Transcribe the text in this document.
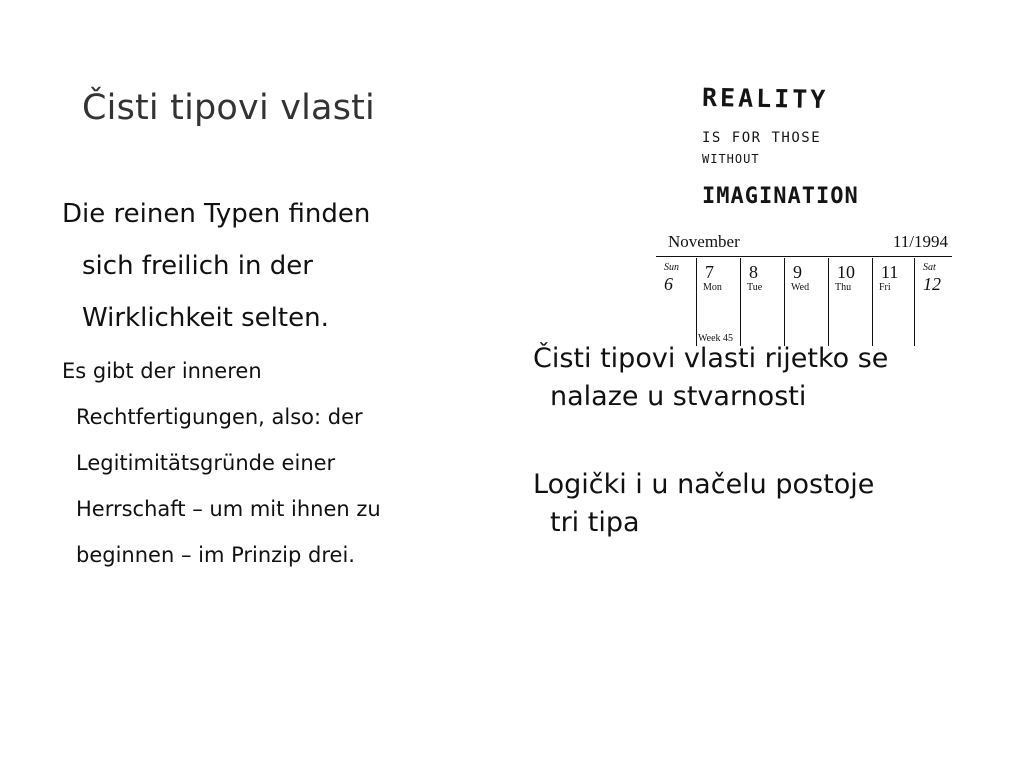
Čisti tipovi vlasti
Die reinen Typen finden
sich freilich in der
Wirklichkeit selten.
Es gibt der inneren
Rechtfertigungen, also: der
Legitimitätsgründe einer
Herrschaft – um mit ihnen zu
beginnen – im Prinzip drei.
REALITY
IS FOR THOSE
WITHOUT
IMAGINATION
November	11/1994
Sun
6
7
Mon
8
Tue
9
Wed
10
Thu
11
Fri
Sat
12
Week 45
Čisti tipovi vlasti rijetko se
nalaze u stvarnosti
Logički i u načelu postoje
tri tipa
